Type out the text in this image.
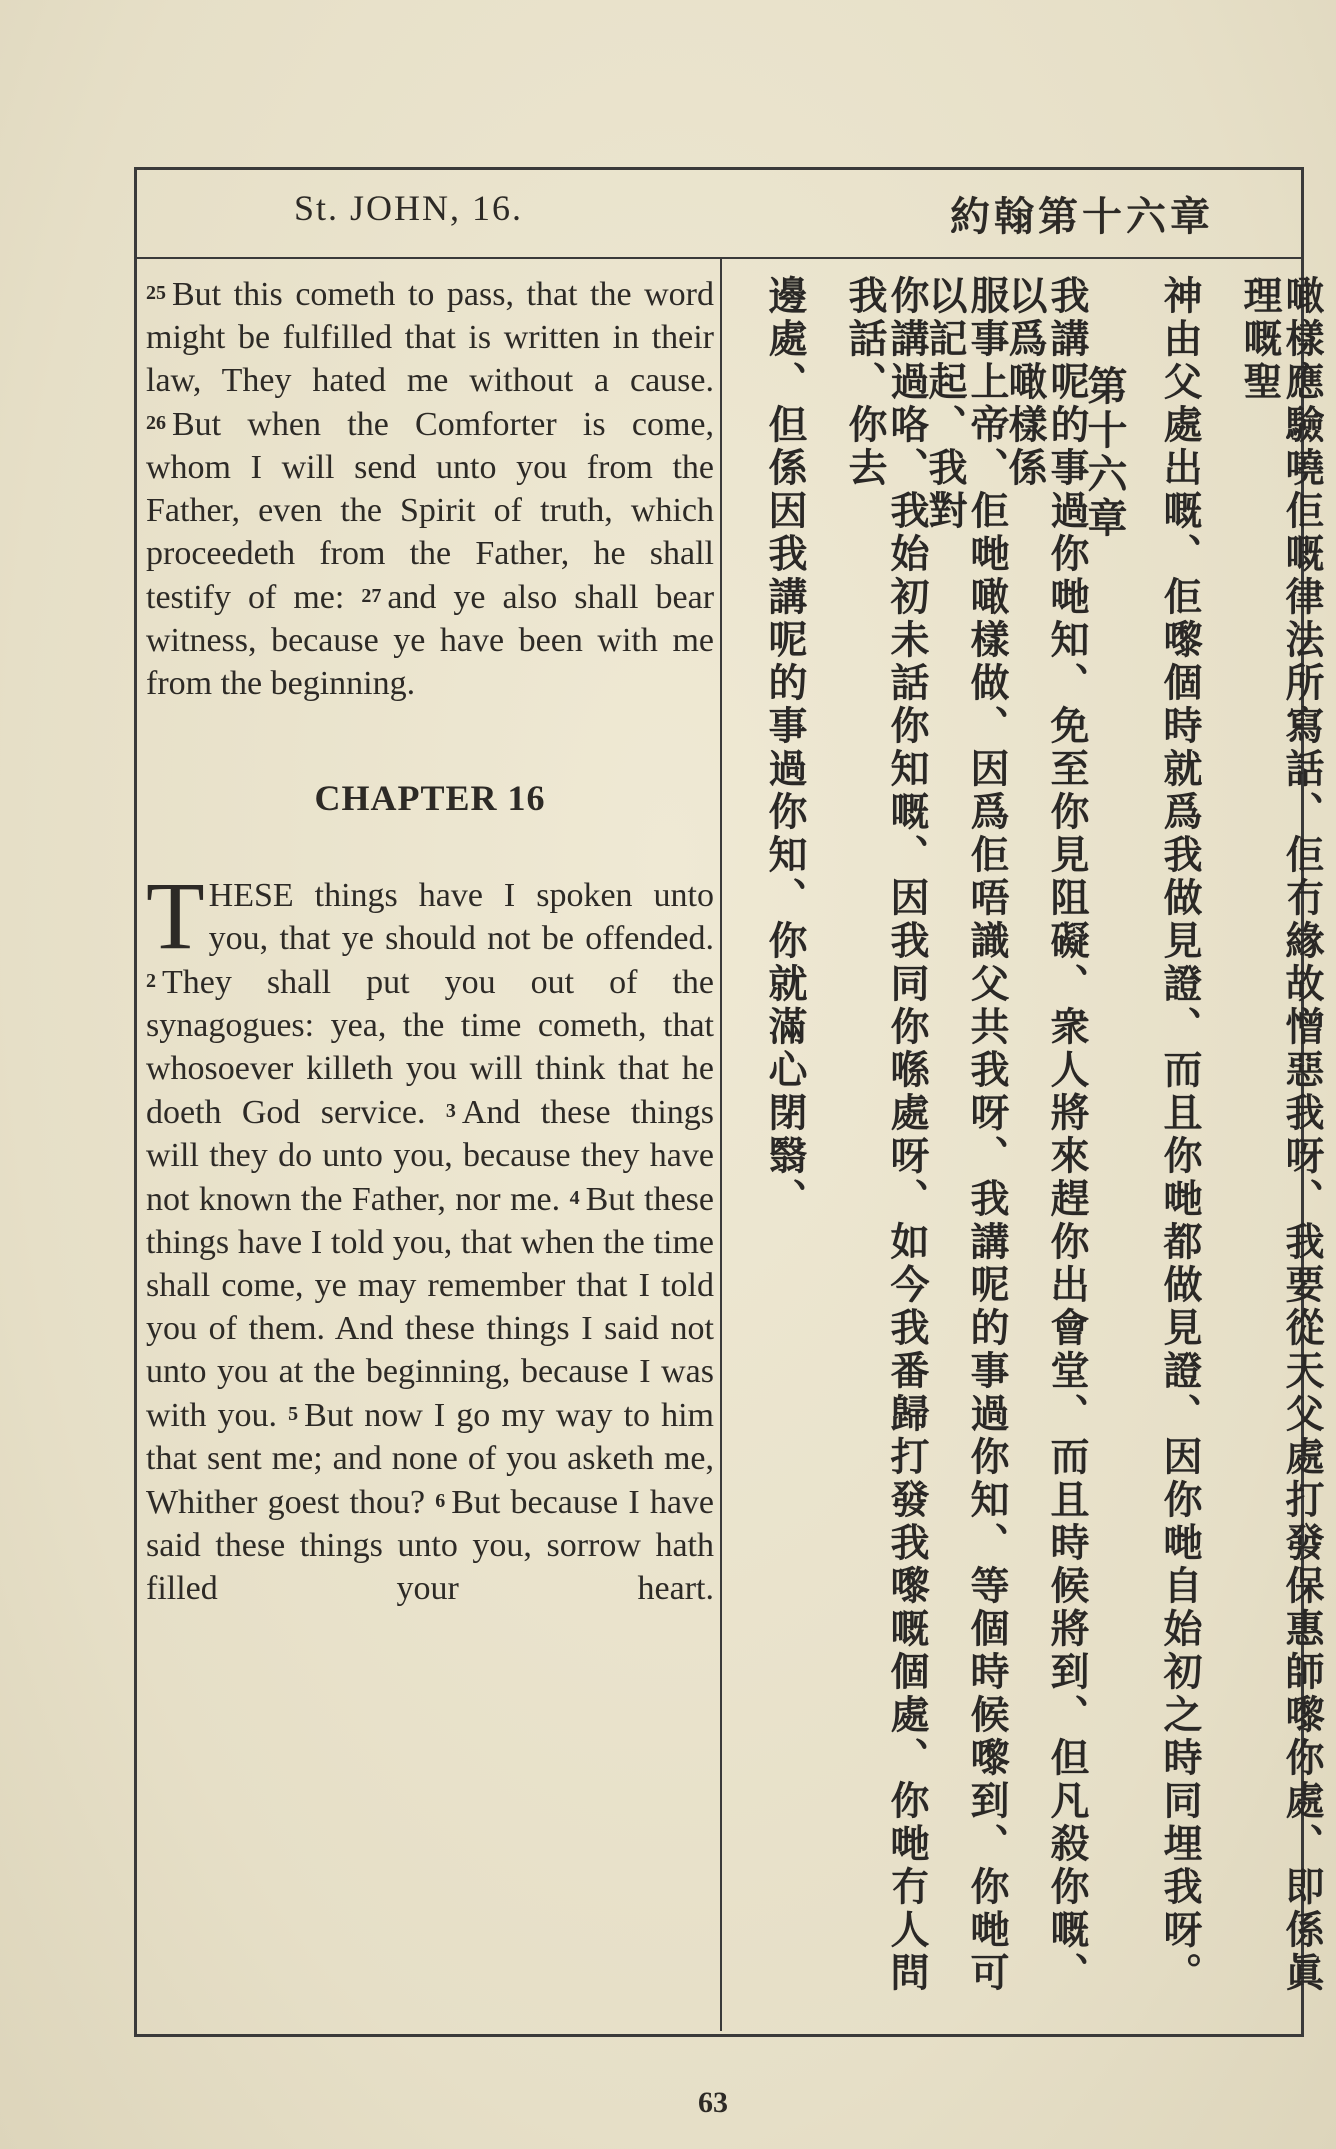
St. JOHN, 16.	約翰第十六章

25 But this cometh to pass, that the word might be fulfilled that is written in their law, They hated me without a cause.

26 But when the Comforter is come, whom I will send unto you from the Father, even the Spirit of truth, which proceedeth from the Father, he shall testify of me: 27 and ye also shall bear witness, because ye have been with me from the beginning.

CHAPTER 16

THESE things have I spoken unto you, that ye should not be offended. 2 They shall put you out of the synagogues: yea, the time cometh, that whosoever killeth you will think that he doeth God service. 3 And these things will they do unto you, because they have not known the Father, nor me. 4 But these things have I told you, that when the time shall come, ye may remember that I told you of them. And these things I said not unto you at the beginning, because I was with you. 5 But now I go my way to him that sent me; and none of you asketh me, Whither goest thou? 6 But because I have said these things unto you, sorrow hath filled your heart.	噉樣應驗嘵佢嘅律法所寫話、佢冇緣故憎惡我呀、我要從天父處打發保惠師嚟你處、即係眞理嘅聖
神由父處出嘅、佢嚟個時就爲我做見證、而且你哋都做見證、因你哋自始初之時同埋我呀。
第十六章
我講呢的事過你哋知、免至你見阻礙、衆人將來趕你出會堂、而且時候將到、但凡殺你嘅、以爲噉樣係
服事上帝、佢哋噉樣做、因爲佢唔識父共我呀、我講呢的事過你知、等個時候嚟到、你哋可以記起、我對
你講過咯、我始初未話你知嘅、因我同你喺處呀、如今我番歸打發我嚟嘅個處、你哋冇人問我話、你去
邊處、但係因我講呢的事過你知、你就滿心閉翳、
63
